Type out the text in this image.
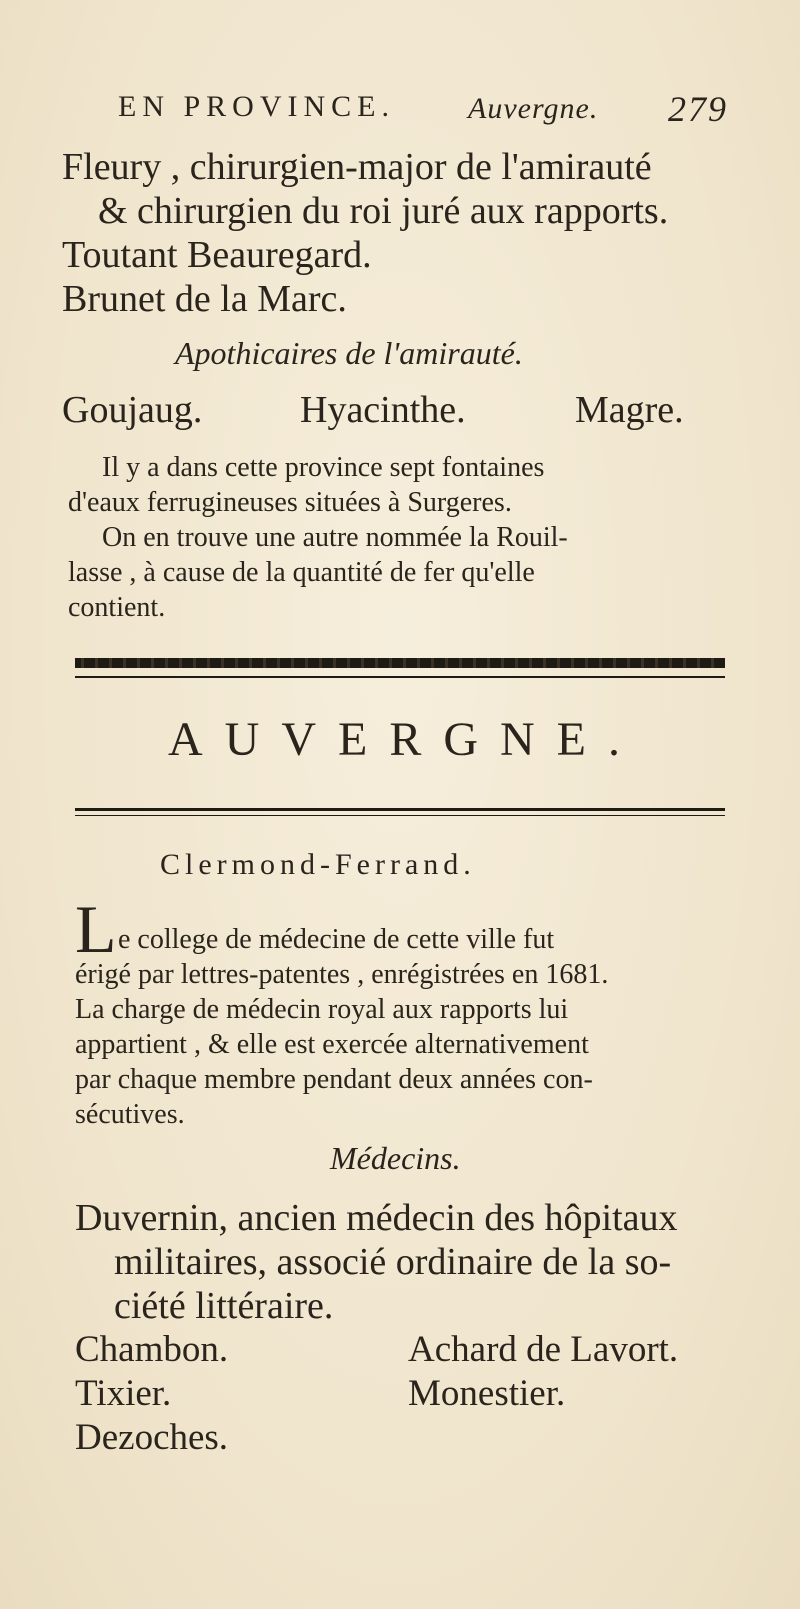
EN PROVINCE. Auvergne. 279
Fleury , chirurgien-major de l'amirauté
& chirurgien du roi juré aux rapports.
Toutant Beauregard.
Brunet de la Marc.
Apothicaires de l'amirauté.
Goujaug.	Hyacinthe.	Magre.
Il y a dans cette province sept fontaines
d'eaux ferrugineuses situées à Surgeres.
On en trouve une autre nommée la Rouil-
lasse , à cause de la quantité de fer qu'elle
contient.
AUVERGNE.
Clermond-Ferrand.
L e college de médecine de cette ville fut
érigé par lettres-patentes , enrégistrées en 1681.
La charge de médecin royal aux rapports lui
appartient , & elle est exercée alternativement
par chaque membre pendant deux années con-
sécutives.
Médecins.
Duvernin, ancien médecin des hôpitaux
militaires, associé ordinaire de la so-
ciété littéraire.
Chambon.	Achard de Lavort.
Tixier.	Monestier.
Dezoches.
